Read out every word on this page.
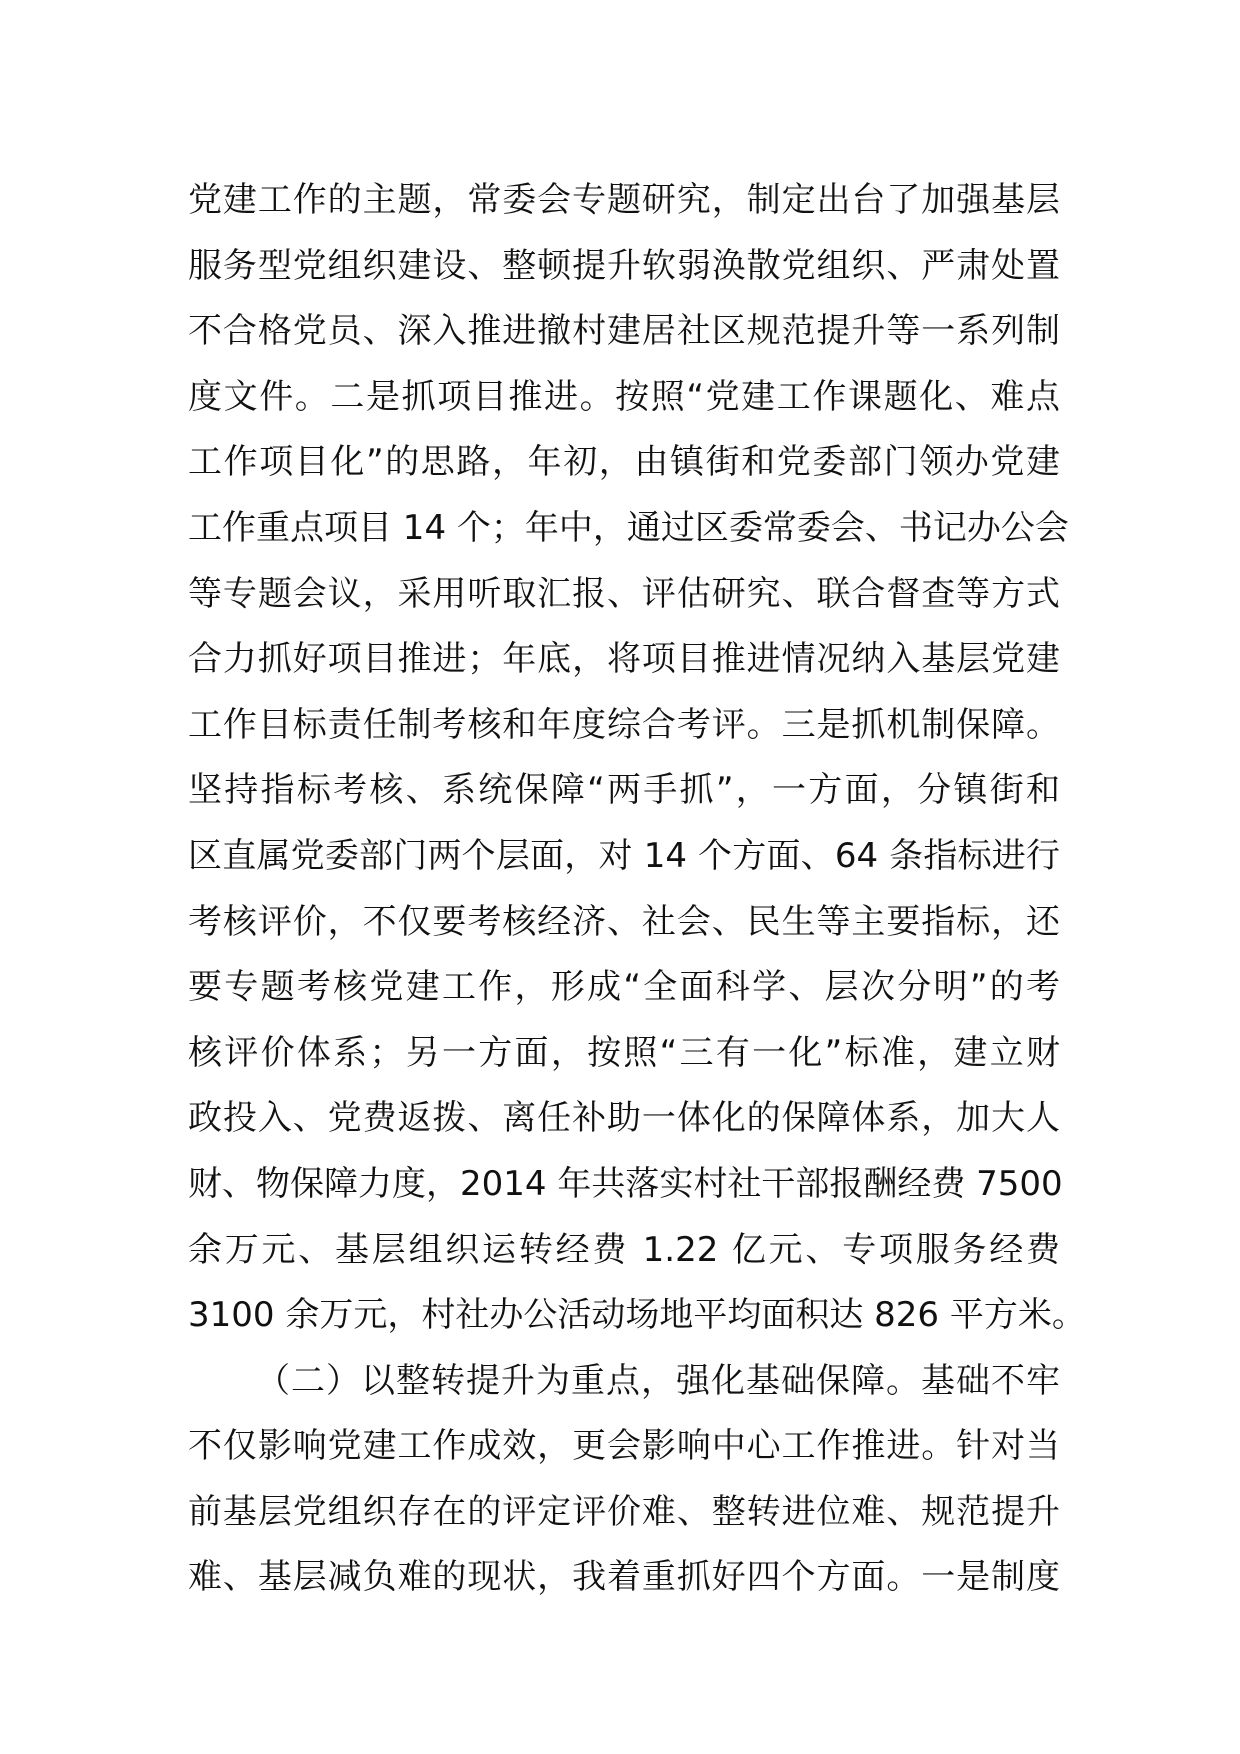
党建工作的主题，常委会专题研究，制定出台了加强基层
服务型党组织建设、整顿提升软弱涣散党组织、严肃处置
不合格党员、深入推进撤村建居社区规范提升等一系列制
度文件。二是抓项目推进。按照“党建工作课题化、难点
工作项目化”的思路，年初，由镇街和党委部门领办党建
工作重点项目 14 个；年中，通过区委常委会、书记办公会
等专题会议，采用听取汇报、评估研究、联合督查等方式
合力抓好项目推进；年底，将项目推进情况纳入基层党建
工作目标责任制考核和年度综合考评。三是抓机制保障。
坚持指标考核、系统保障“两手抓”，一方面，分镇街和
区直属党委部门两个层面，对 14 个方面、64 条指标进行
考核评价，不仅要考核经济、社会、民生等主要指标，还
要专题考核党建工作，形成“全面科学、层次分明”的考
核评价体系；另一方面，按照“三有一化”标准，建立财
政投入、党费返拨、离任补助一体化的保障体系，加大人
财、物保障力度，2014 年共落实村社干部报酬经费 7500
余万元、基层组织运转经费 1.22 亿元、专项服务经费
3100 余万元，村社办公活动场地平均面积达 826 平方米。
（二）以整转提升为重点，强化基础保障。基础不牢
不仅影响党建工作成效，更会影响中心工作推进。针对当
前基层党组织存在的评定评价难、整转进位难、规范提升
难、基层减负难的现状，我着重抓好四个方面。一是制度
